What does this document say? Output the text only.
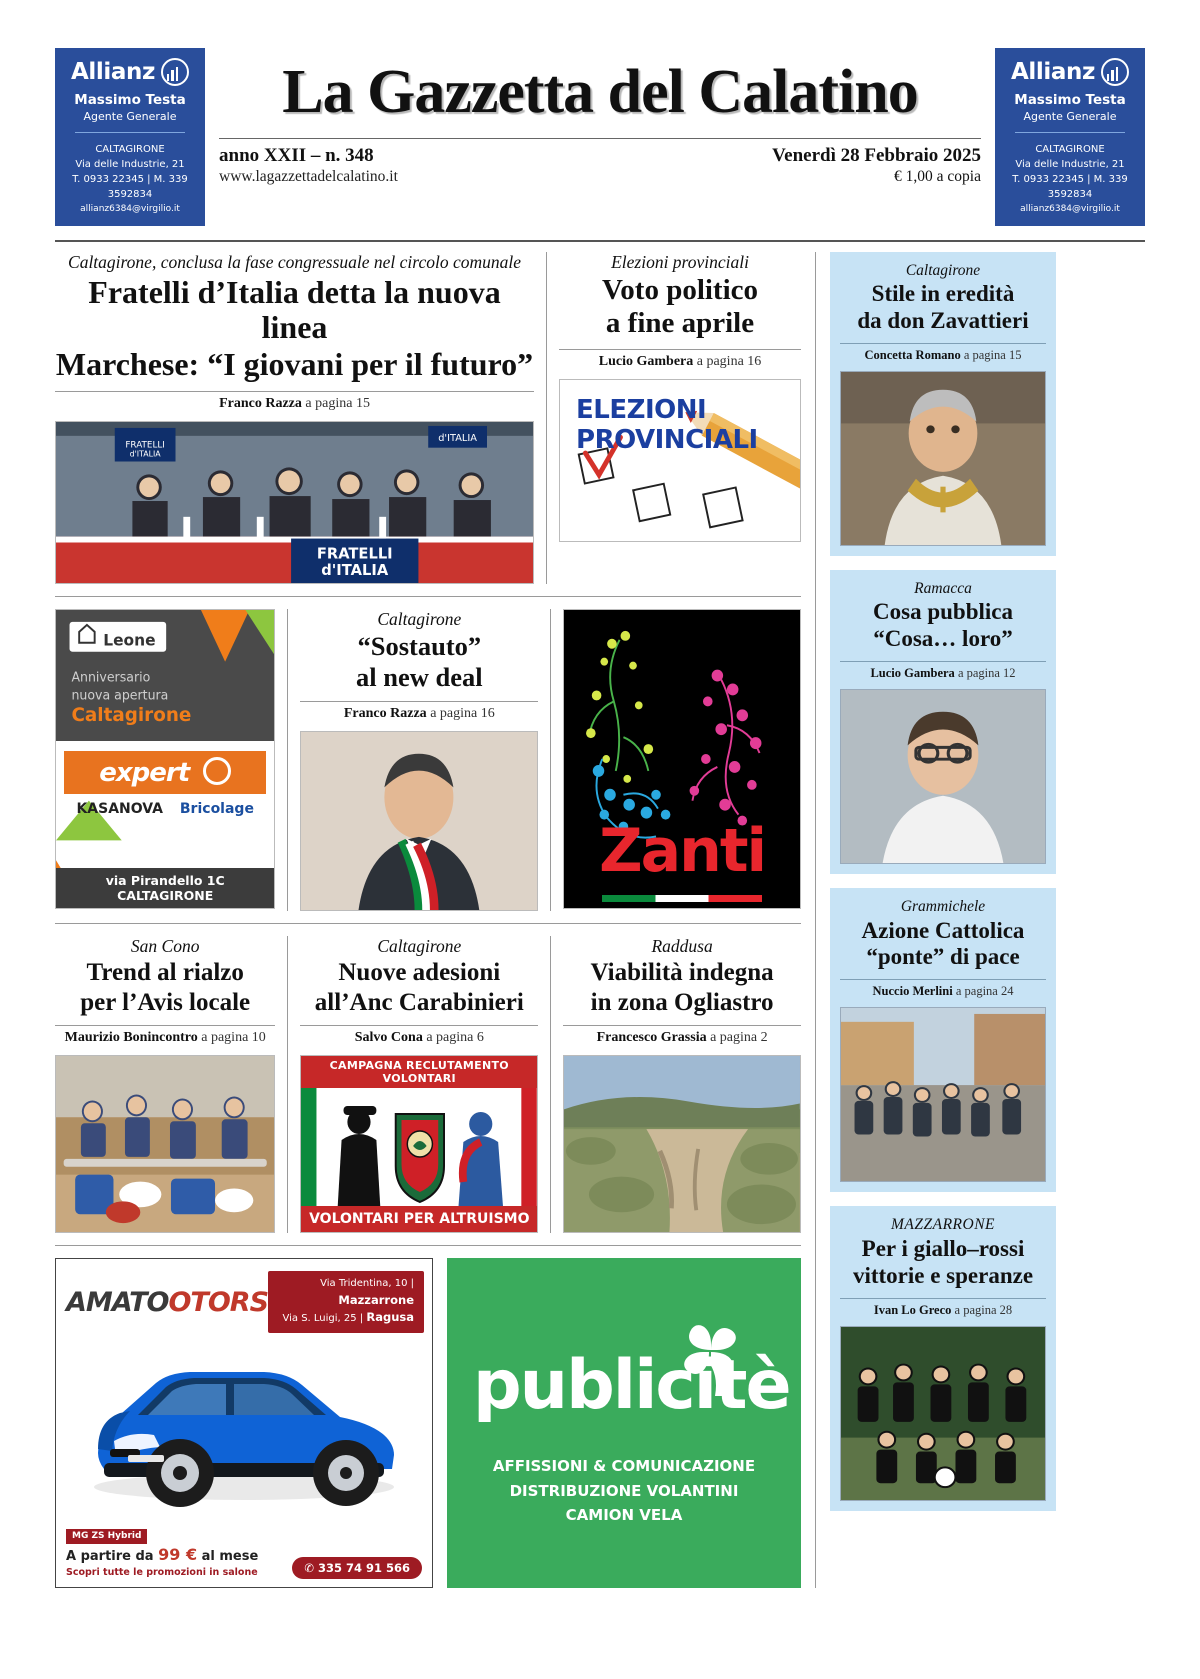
Allianz
Massimo Testa
Agente Generale
CALTAGIRONE
Via delle Industrie, 21
T. 0933 22345 | M. 339 3592834
allianz6384@virgilio.it
La Gazzetta del Calatino
anno XXII – n. 348
www.lagazzettadelcalatino.it
Venerdì 28 Febbraio 2025
€ 1,00 a copia
Allianz
Massimo Testa
Agente Generale
CALTAGIRONE
Via delle Industrie, 21
T. 0933 22345 | M. 339 3592834
allianz6384@virgilio.it
Caltagirone, conclusa la fase congressuale nel circolo comunale
Fratelli d’Italia detta la nuova linea
Marchese: “I giovani per il futuro”
Franco Razza a pagina 15
FRATELLI
d'ITALIA
d'ITALIA
FRATELLI
d'ITALIA
Elezioni provinciali
Voto politico
a fine aprile
Lucio Gambera a pagina 16
ELEZIONI
PROVINCIALI
Leone
Anniversario
nuova apertura
Caltagirone
expert
KASANOVA Bricolage
via Pirandello 1C CALTAGIRONE
Caltagirone
“Sostauto”
al new deal
Franco Razza a pagina 16
Zanti
San Cono
Trend al rialzo
per l’Avis locale
Maurizio Bonincontro a pagina 10
Caltagirone
Nuove adesioni
all’Anc Carabinieri
Salvo Cona a pagina 6
CAMPAGNA RECLUTAMENTO VOLONTARI
VOLONTARI PER ALTRUISMO
Raddusa
Viabilità indegna
in zona Ogliastro
Francesco Grassia a pagina 2
AMATOOTORS
Via Tridentina, 10 | Mazzarrone
Via S. Luigi, 25 | Ragusa
MG ZS Hybrid
A partire da 99 € al mese
Scopri tutte le promozioni in salone	✆ 335 74 91 566
publicitè
AFFISSIONI & COMUNICAZIONE
DISTRIBUZIONE VOLANTINI
CAMION VELA
Caltagirone
Stile in eredità
da don Zavattieri
Concetta Romano a pagina 15
Ramacca
Cosa pubblica
“Cosa… loro”
Lucio Gambera a pagina 12
Grammichele
Azione Cattolica
“ponte” di pace
Nuccio Merlini a pagina 24
MAZZARRONE
Per i giallo–rossi
vittorie e speranze
Ivan Lo Greco a pagina 28
